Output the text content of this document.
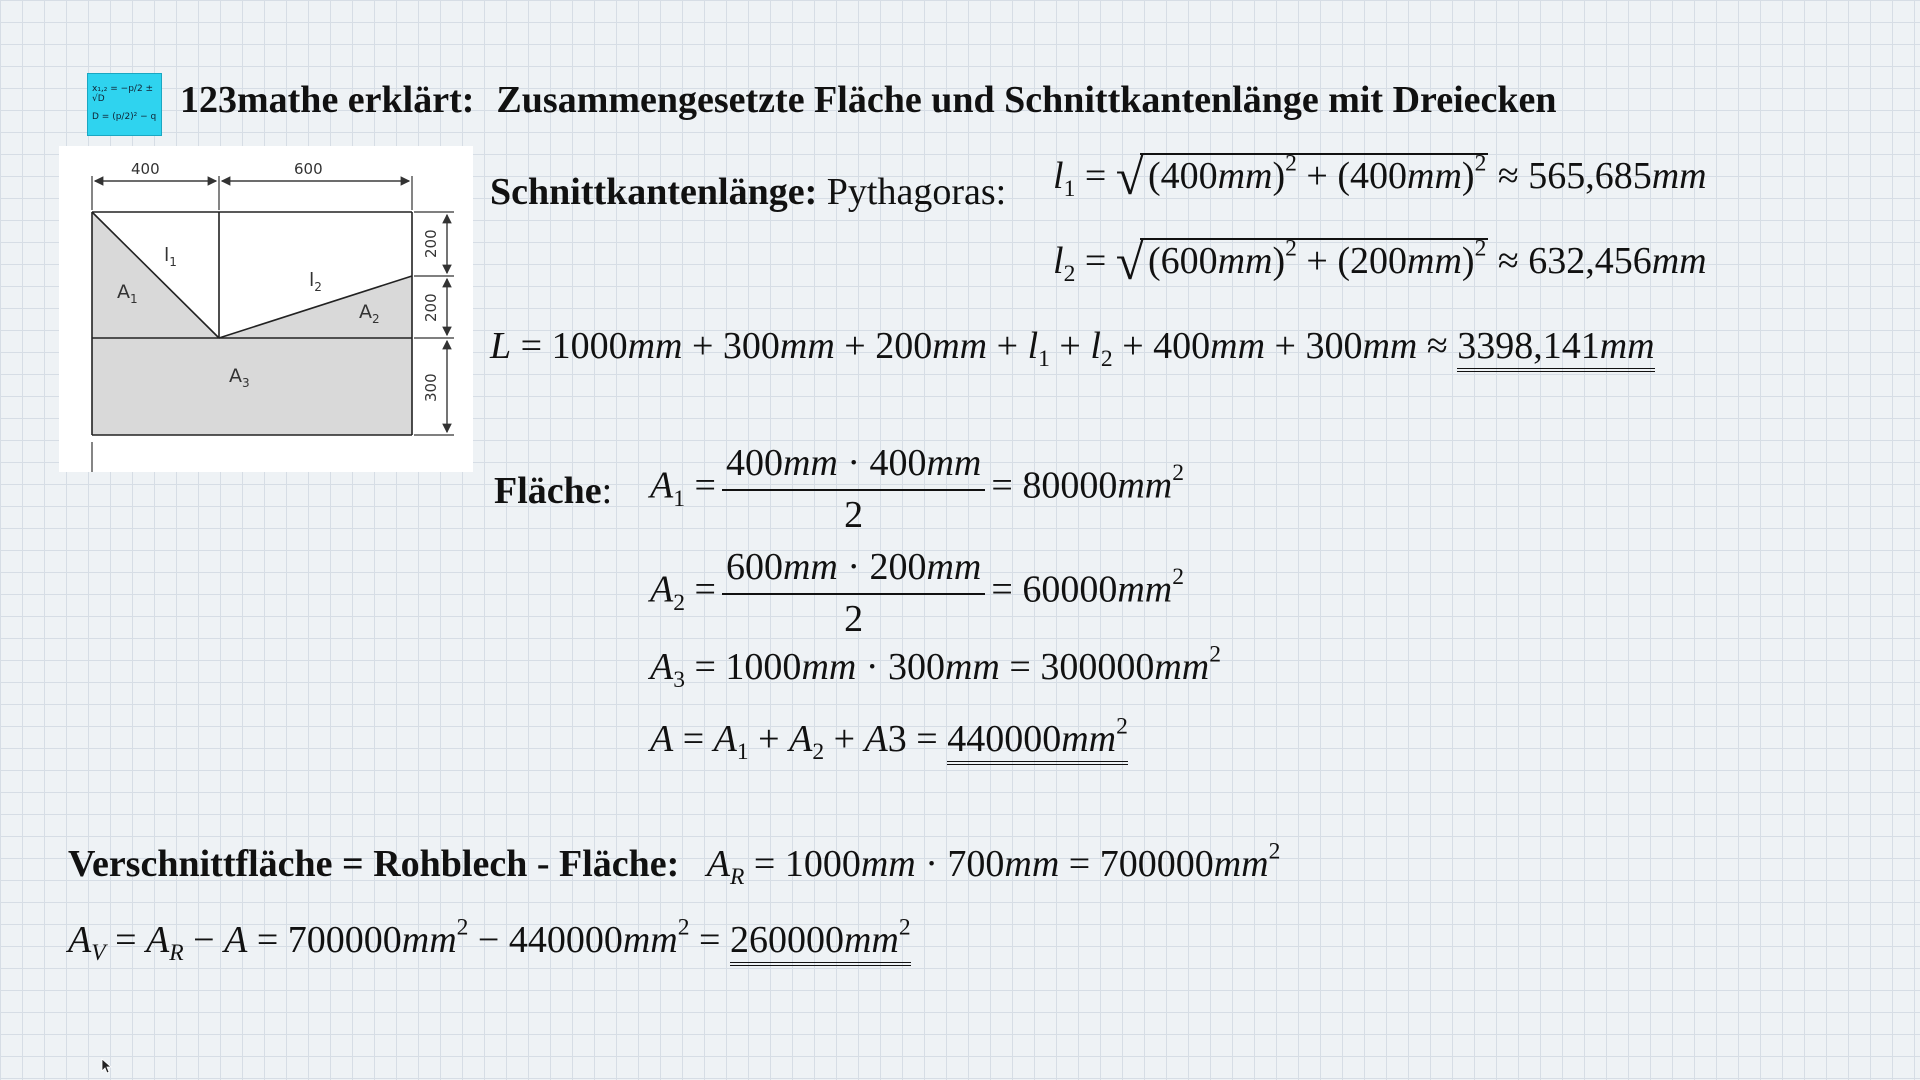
x₁,₂ = −p/2 ± √D
D = (p/2)² − q 123mathe erklärt: Zusammengesetzte Fläche und Schnittkantenlänge mit Dreiecken
400	600
200
200
300
$l_1$
$l_2$
$A_1$
$A_2$
$A_3$
Schnittkantenlänge: Pythagoras: $l_1$ = √ $(400mm)^2 + (400mm)^2 \approx 565,685mm$
$l_2$ = √ $(600mm)^2 + (200mm)^2 \approx 632,456mm$
$L = 1000mm + 300mm + 200mm + l_1 + l_2 + 400mm + 300mm \approx 3398,141mm$
Fläche: $A_1 = \frac{400mm \cdot 400mm}{2} = 80000mm^2$
$A_2 = \frac{600mm \cdot 200mm}{2} = 60000mm^2$
$A_3 = 1000mm \cdot 300mm = 300000mm^2$
$A = A_1 + A_2 + A3 = 440000mm^2$
Verschnittfläche = Rohblech - Fläche: $A_R = 1000mm \cdot 700mm = 700000mm^2$
$A_V = A_R - A = 700000mm^2 - 440000mm^2 = 260000mm^2$
